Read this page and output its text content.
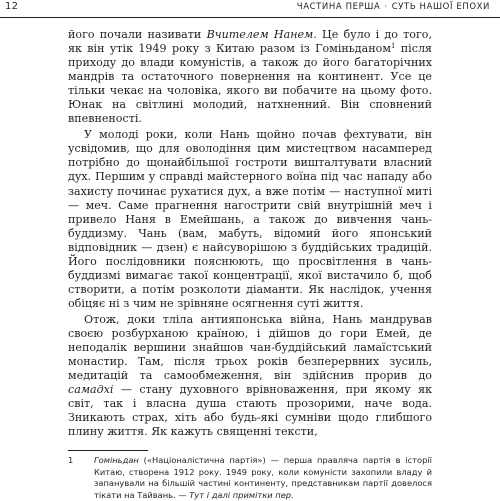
12	ЧАСТИНА ПЕРША · СУТЬ НАШОЇ ЕПОХИ

його почали називати Вчителем Нанем. Це було і до того, як він утік 1949 року з Китаю разом із Гоміньданом$^1$ після приходу до влади комуністів, а також до його багаторічних мандрів та остаточного повернення на континент. Усе це тільки чекає на чоловіка, якого ви побачите на цьому фото. Юнак на світлині молодий, натхненний. Він сповнений впевненості.

У молоді роки, коли Нань щойно почав фехтувати, він усвідомив, що для оволодіння цим мистецтвом насамперед потрібно до щонайбільшої гостроти вишталтувати власний дух. Першим у справді майстерного воїна під час нападу або захисту починає рухатися дух, а вже потім — наступної миті — меч. Саме прагнення нагострити свій внутрішній меч і привело Наня в Емейшань, а також до вивчення чань-буддизму. Чань (вам, мабуть, відомий його японський відповідник — дзен) є найсуворішою з буддійських традицій. Його послідовники пояснюють, що просвітлення в чань-буддизмі вимагає такої концентрації, якої вистачило б, щоб створити, а потім розколоти діаманти. Як наслідок, учення обіцяє ні з чим не зрівняне осягнення суті життя.

Отож, доки тліла антияпонська війна, Нань мандрував своєю розбурханою країною, і дійшов до гори Емей, де неподалік вершини знайшов чан-буддійський ламаїстський монастир. Там, після трьох років безперервних зусиль, медитацій та самообмеження, він здійснив прорив до самадхі — стану духовного врівноваження, при якому як світ, так і власна душа стають прозорими, наче вода. Зникають страх, хіть або будь-які сумніви щодо глибшого плину життя. Як кажуть священні тексти,

1 Гоміньдан («Націоналістична партія») — перша правляча партія в історії Китаю, створена 1912 року. 1949 року, коли комуністи захопили владу й запанували на більшій частині континенту, представникам партії довелося тікати на Тайвань. — Тут і далі примітки пер.
